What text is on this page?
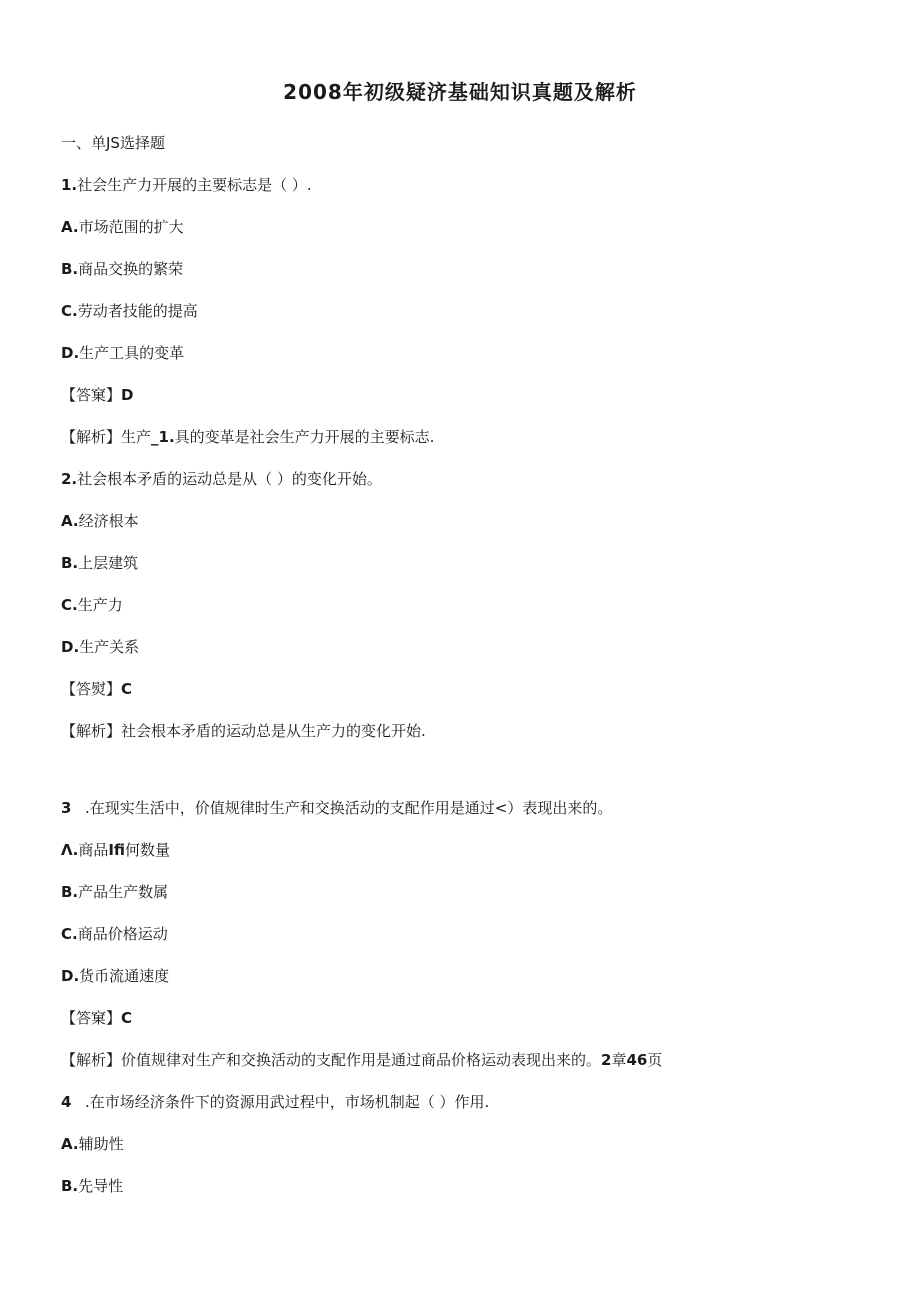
2008年初级疑济基础知识真题及解析
一、单JS选择题
1.社会生产力开展的主要标志是（ ）.
A.市场范围的扩大
B.商品交换的繁荣
C.劳动者技能的提高
D.生产工具的变革
【答窠】D
【解析】生产_1.具的变革是社会生产力开展的主要标志.
2.社会根本矛盾的运动总是从（ ）的变化开始。
A.经济根本
B.上层建筑
C.生产力
D.生产关系
【答熨】C
【解析】社会根本矛盾的运动总是从生产力的变化开始.
3 .在现实生活中，价值规律时生产和交换活动的支配作用是通过<）表现出来的。
Λ.商品Ifi何数量
B.产品生产数属
C.商品价格运动
D.货币流通速度
【答窠】C
【解析】价值规律对生产和交换活动的支配作用是通过商品价格运动表现出来的。2章46页
4 .在市场经济条件下的资源用武过程中，市场机制起（ ）作用.
A.辅助性
B.先导性
